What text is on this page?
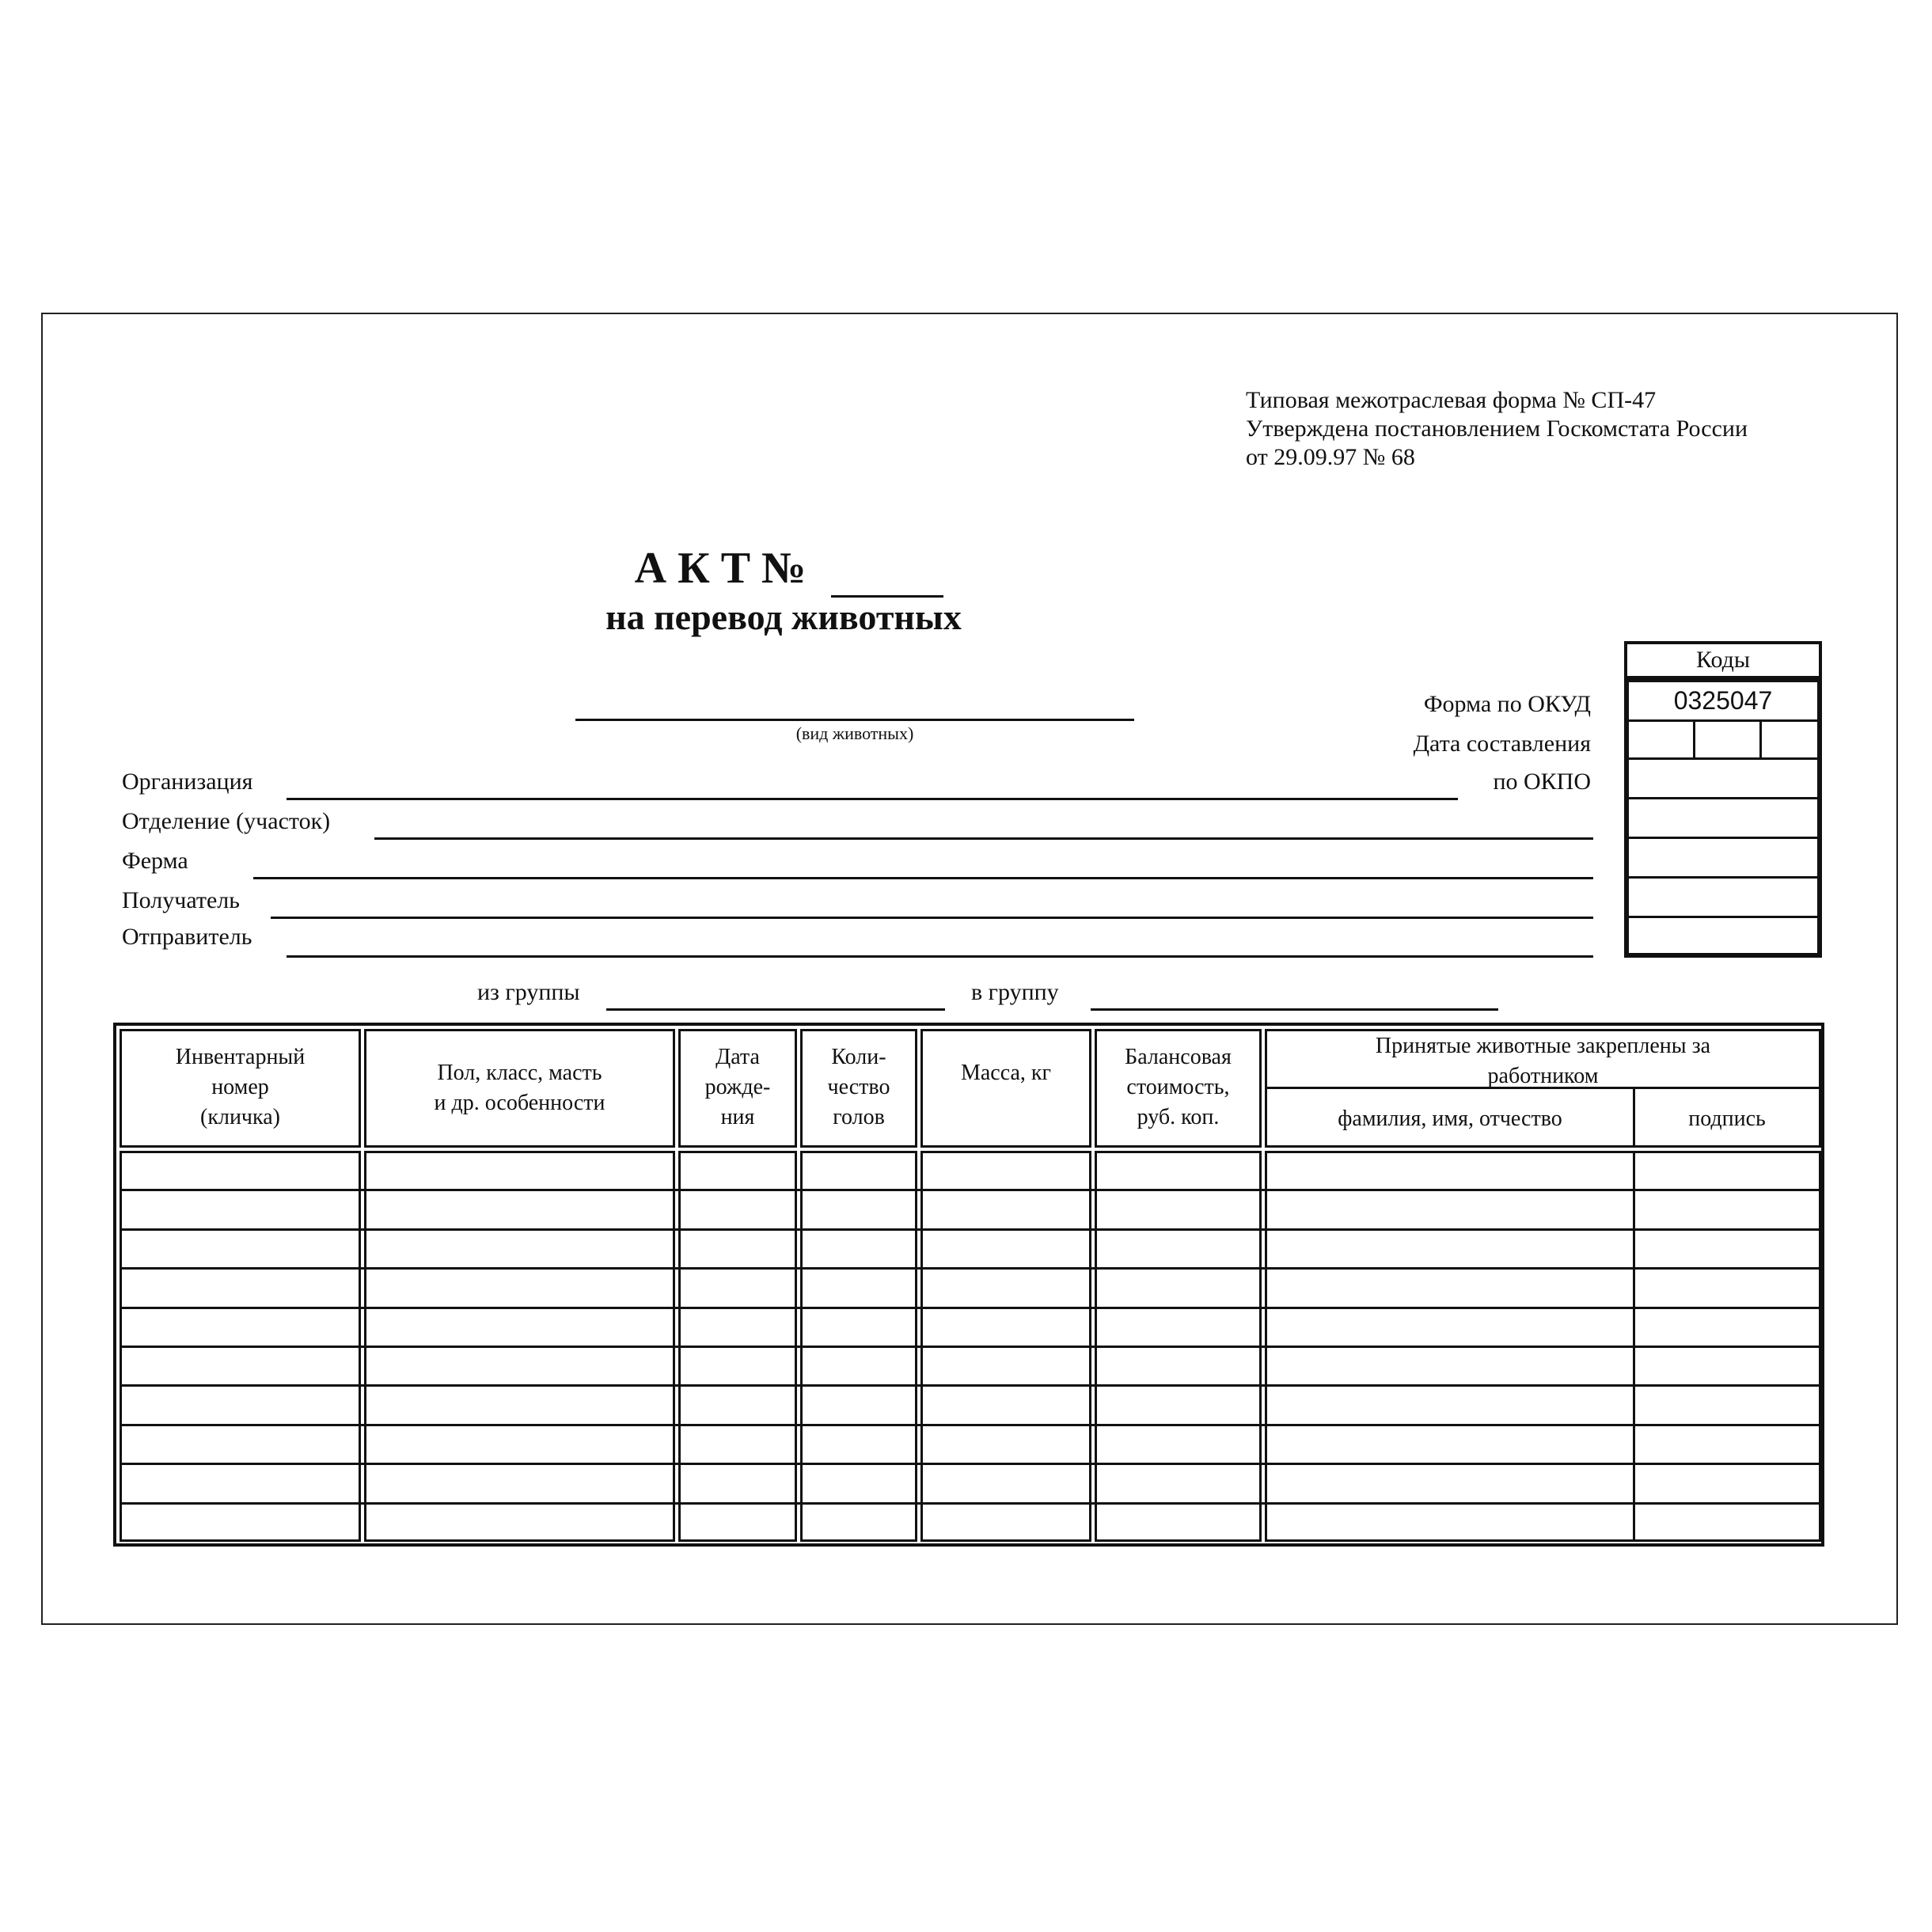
Типовая межотраслевая форма № СП-47
Утверждена постановлением Госкомстата России
от 29.09.97 № 68
А К Т №
на перевод животных
(вид животных)
Коды
0325047
Форма по ОКУД
Дата составления
по ОКПО
Организация
Отделение (участок)
Ферма
Получатель
Отправитель
из группы	в группу
Инвентарный
номер
(кличка)
Пол, класс, масть
и др. особенности
Дата
рожде-
ния
Коли-
чество
голов
Масса, кг
Балансовая
стоимость,
руб. коп.
Принятые животные закреплены за
работником
фамилия, имя, отчество	подпись
